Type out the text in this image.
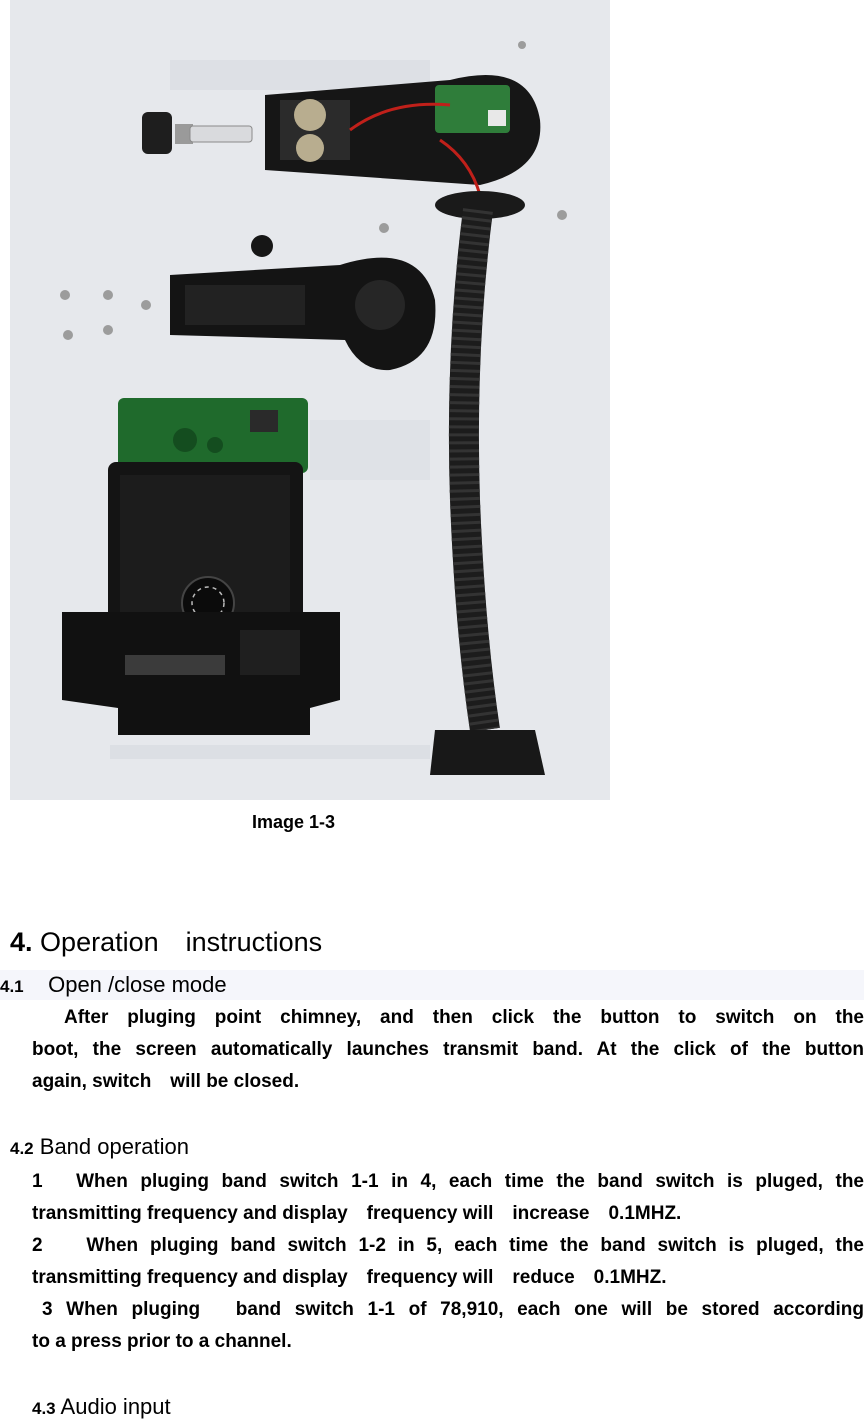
Image 1-3
4. Operation　instructions
4.1 Open /close mode
After pluging point chimney, and then click the button to switch on the
boot, the screen automatically launches transmit band. At the click of the button
again, switch　will be closed.
4.2 Band operation
1　When pluging band switch 1-1 in 4, each time the band switch is pluged, the
transmitting frequency and display　frequency will　increase　0.1MHZ.
2　 When pluging band switch 1-2 in 5, each time the band switch is pluged, the
transmitting frequency and display　frequency will　reduce　0.1MHZ.
3 When pluging　band switch 1-1 of 78,910, each one will be stored according
to a press prior to a channel.
4.3 Audio input
